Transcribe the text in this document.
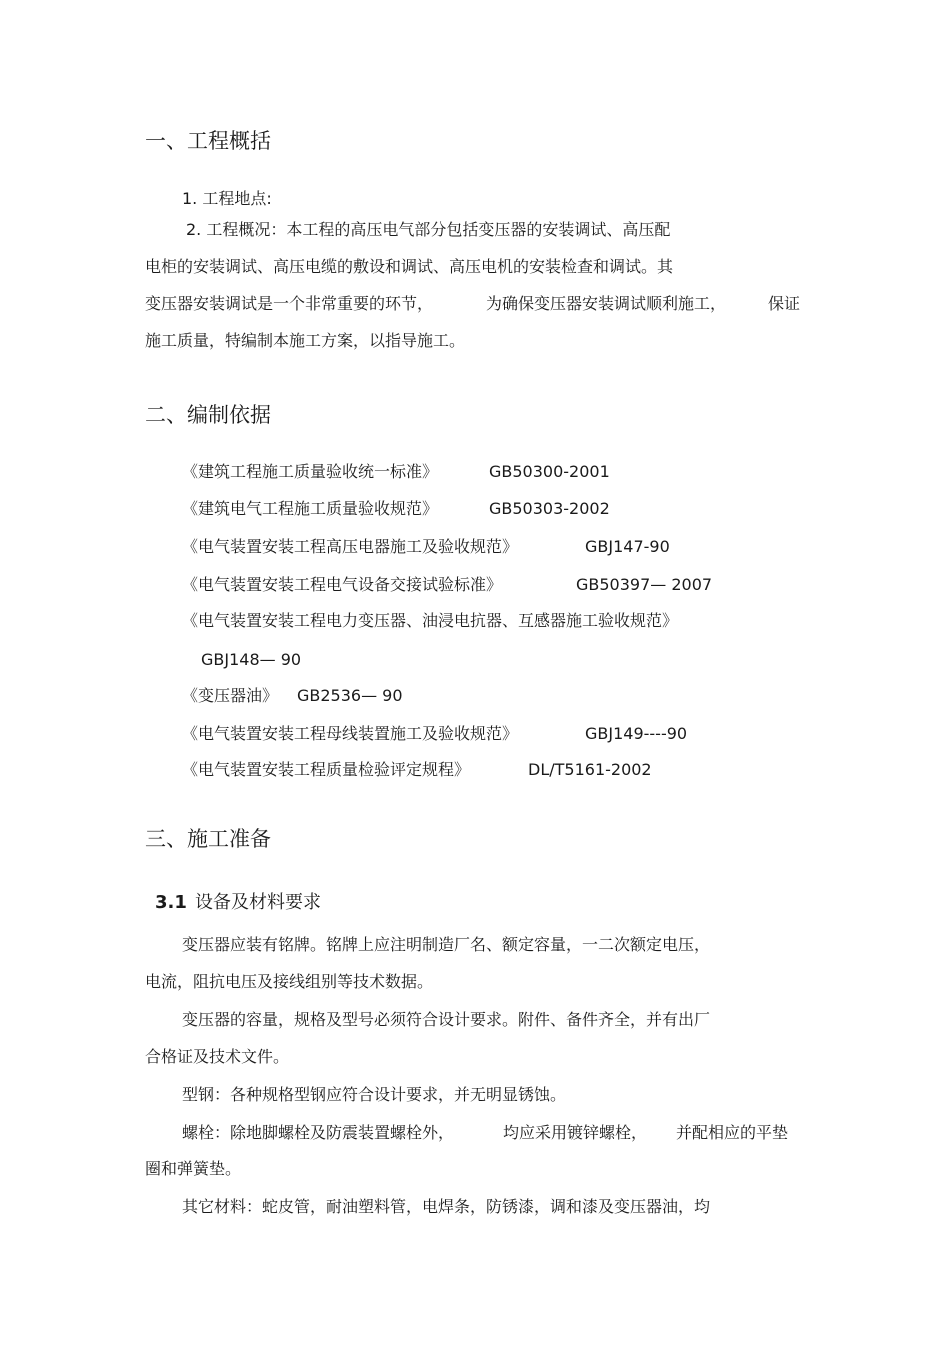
一、工程概括
1. 工程地点:
2. 工程概况：本工程的高压电气部分包括变压器的安装调试、高压配
电柜的安装调试、高压电缆的敷设和调试、高压电机的安装检查和调试。其
变压器安装调试是一个非常重要的环节，	为确保变压器安装调试顺利施工，	保证
施工质量，特编制本施工方案，以指导施工。
二、编制依据
《建筑工程施工质量验收统一标准》	GB50300-2001
《建筑电气工程施工质量验收规范》	GB50303-2002
《电气装置安装工程高压电器施工及验收规范》	GBJ147-90
《电气装置安装工程电气设备交接试验标准》	GB50397— 2007
《电气装置安装工程电力变压器、油浸电抗器、互感器施工验收规范》
GBJ148— 90
《变压器油》 GB2536— 90
《电气装置安装工程母线装置施工及验收规范》	GBJ149----90
《电气装置安装工程质量检验评定规程》	DL/T5161-2002
三、施工准备
3.1 设备及材料要求
变压器应装有铭牌。铭牌上应注明制造厂名、额定容量，一二次额定电压，
电流，阻抗电压及接线组别等技术数据。
变压器的容量，规格及型号必须符合设计要求。附件、备件齐全，并有出厂
合格证及技术文件。
型钢：各种规格型钢应符合设计要求，并无明显锈蚀。
螺栓：除地脚螺栓及防震装置螺栓外，	均应采用镀锌螺栓， 并配相应的平垫
圈和弹簧垫。
其它材料：蛇皮管，耐油塑料管，电焊条，防锈漆，调和漆及变压器油，均
